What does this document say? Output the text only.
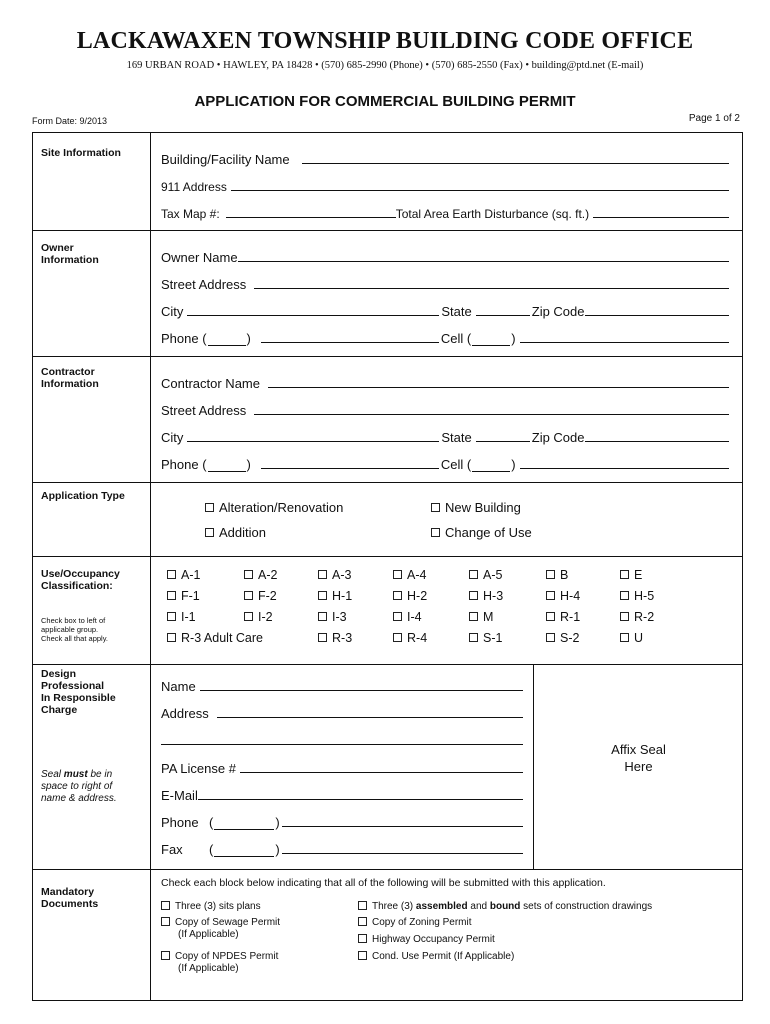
LACKAWAXEN TOWNSHIP BUILDING CODE OFFICE
169 URBAN ROAD • HAWLEY, PA 18428 • (570) 685-2990 (Phone) • (570) 685-2550 (Fax) • building@ptd.net (E-mail)
APPLICATION FOR COMMERCIAL BUILDING PERMIT
Form Date: 9/2013	Page 1 of 2
Site Information	Building/Facility Name
911 Address
Tax Map #:	Total Area Earth Disturbance (sq. ft.)
Owner
Information	Owner Name
Street Address
City	State	Zip Code
Phone (	)	Cell (	)
Contractor
Information	Contractor Name
Street Address
City	State	Zip Code
Phone (	)	Cell (	)
Application Type
Alteration/Renovation	New Building
Addition	Change of Use
Use/Occupancy
Classification:
Check box to left of
applicable group.
Check all that apply.
A-1	A-2	A-3	A-4	A-5	B	E
F-1	F-2	H-1	H-2	H-3	H-4	H-5
I-1	I-2	I-3	I-4	M	R-1	R-2
R-3 Adult Care	R-3	R-4	S-1	S-2	U
Design
Professional
In Responsible
Charge
Seal must be in
space to right of
name & address.
Name
Address
PA License #
E-Mail
Phone (	)
Fax	(	)
Affix Seal
Here
Mandatory
Documents
Check each block below indicating that all of the following will be submitted with this application.
Three (3) sits plans	Three (3) assembled and bound sets of construction drawings
Copy of Sewage Permit
(If Applicable)
Copy of Zoning Permit
Highway Occupancy Permit
Copy of NPDES Permit
(If Applicable)
Cond. Use Permit (If Applicable)
